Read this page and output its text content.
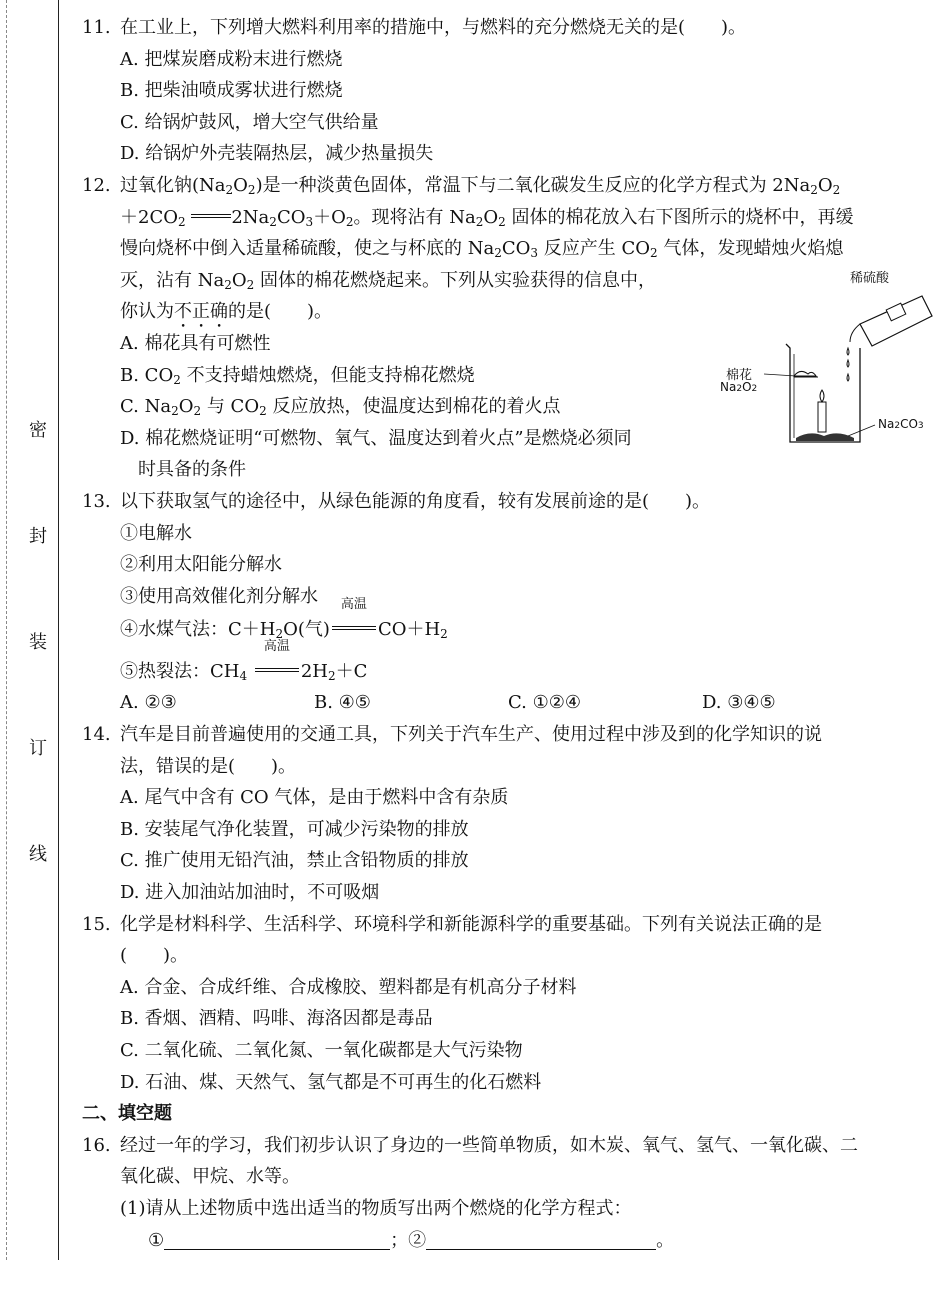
密
封
装
订
线
11. 在工业上，下列增大燃料利用率的措施中，与燃料的充分燃烧无关的是(　　)。
A. 把煤炭磨成粉末进行燃烧
B. 把柴油喷成雾状进行燃烧
C. 给锅炉鼓风，增大空气供给量
D. 给锅炉外壳装隔热层，减少热量损失
12. 过氧化钠$(Na_2O_2)$是一种淡黄色固体，常温下与二氧化碳发生反应的化学方程式为 $2Na_2O_2$
$+2CO_2$	$2Na_2CO_3+O_2$。现将沾有 $Na_2O_2$ 固体的棉花放入右下图所示的烧杯中，再缓
慢向烧杯中倒入适量稀硫酸，使之与杯底的 $Na_2CO_3$ 反应产生 $CO_2$ 气体，发现蜡烛火焰熄
灭，沾有 $Na_2O_2$ 固体的棉花燃烧起来。下列从实验获得的信息中，
你认为不正确的是(　　)。
A. 棉花具有可燃性
B. $CO_2$ 不支持蜡烛燃烧，但能支持棉花燃烧
C. $Na_2O_2$ 与 $CO_2$ 反应放热，使温度达到棉花的着火点
D. 棉花燃烧证明“可燃物、氧气、温度达到着火点”是燃烧必须同
时具备的条件
13. 以下获取氢气的途径中，从绿色能源的角度看，较有发展前途的是(　　)。
①电解水
②利用太阳能分解水
③使用高效催化剂分解水
④水煤气法：$C+H_2O$(气)
高温
$CO+H_2$
⑤热裂法：$CH_4$
高温
$2H_2+C$
A. ②③	B. ④⑤	C. ①②④	D. ③④⑤
14. 汽车是目前普遍使用的交通工具，下列关于汽车生产、使用过程中涉及到的化学知识的说
法，错误的是(　　)。
A. 尾气中含有 CO 气体，是由于燃料中含有杂质
B. 安装尾气净化装置，可减少污染物的排放
C. 推广使用无铅汽油，禁止含铅物质的排放
D. 进入加油站加油时，不可吸烟
15. 化学是材料科学、生活科学、环境科学和新能源科学的重要基础。下列有关说法正确的是
(　　)。
A. 合金、合成纤维、合成橡胶、塑料都是有机高分子材料
B. 香烟、酒精、吗啡、海洛因都是毒品
C. 二氧化硫、二氧化氮、一氧化碳都是大气污染物
D. 石油、煤、天然气、氢气都是不可再生的化石燃料
二、填空题
16. 经过一年的学习，我们初步认识了身边的一些简单物质，如木炭、氧气、氢气、一氧化碳、二
氧化碳、甲烷、水等。
(1)请从上述物质中选出适当的物质写出两个燃烧的化学方程式：
①	；②	。
稀硫酸
棉花
Na2O2
Na2CO3
